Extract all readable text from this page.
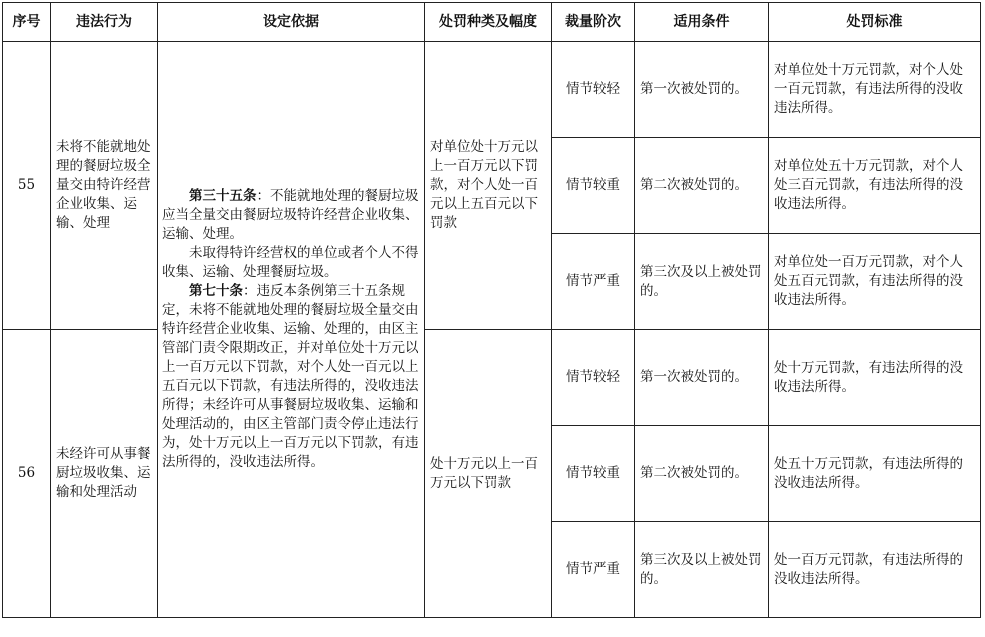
序号	违法行为	设定依据	处罚种类及幅度	裁量阶次	适用条件	处罚标准
55	未将不能就地处理的餐厨垃圾全量交由特许经营企业收集、运输、处理	第三十五条：不能就地处理的餐厨垃圾应当全量交由餐厨垃圾特许经营企业收集、运输、处理。

未取得特许经营权的单位或者个人不得收集、运输、处理餐厨垃圾。

第七十条：违反本条例第三十五条规定，未将不能就地处理的餐厨垃圾全量交由特许经营企业收集、运输、处理的，由区主管部门责令限期改正，并对单位处十万元以上一百万元以下罚款，对个人处一百元以上五百元以下罚款，有违法所得的，没收违法所得；未经许可从事餐厨垃圾收集、运输和处理活动的，由区主管部门责令停止违法行为，处十万元以上一百万元以下罚款，有违法所得的，没收违法所得。	对单位处十万元以上一百万元以下罚款，对个人处一百元以上五百元以下罚款	情节较轻	第一次被处罚的。	对单位处十万元罚款，对个人处一百元罚款，有违法所得的没收违法所得。
				情节较重	第二次被处罚的。	对单位处五十万元罚款，对个人处三百元罚款，有违法所得的没收违法所得。
				情节严重	第三次及以上被处罚的。	对单位处一百万元罚款，对个人处五百元罚款，有违法所得的没收违法所得。
56	未经许可从事餐厨垃圾收集、运输和处理活动		处十万元以上一百万元以下罚款	情节较轻	第一次被处罚的。	处十万元罚款，有违法所得的没收违法所得。
				情节较重	第二次被处罚的。	处五十万元罚款，有违法所得的没收违法所得。
				情节严重	第三次及以上被处罚的。	处一百万元罚款，有违法所得的没收违法所得。
